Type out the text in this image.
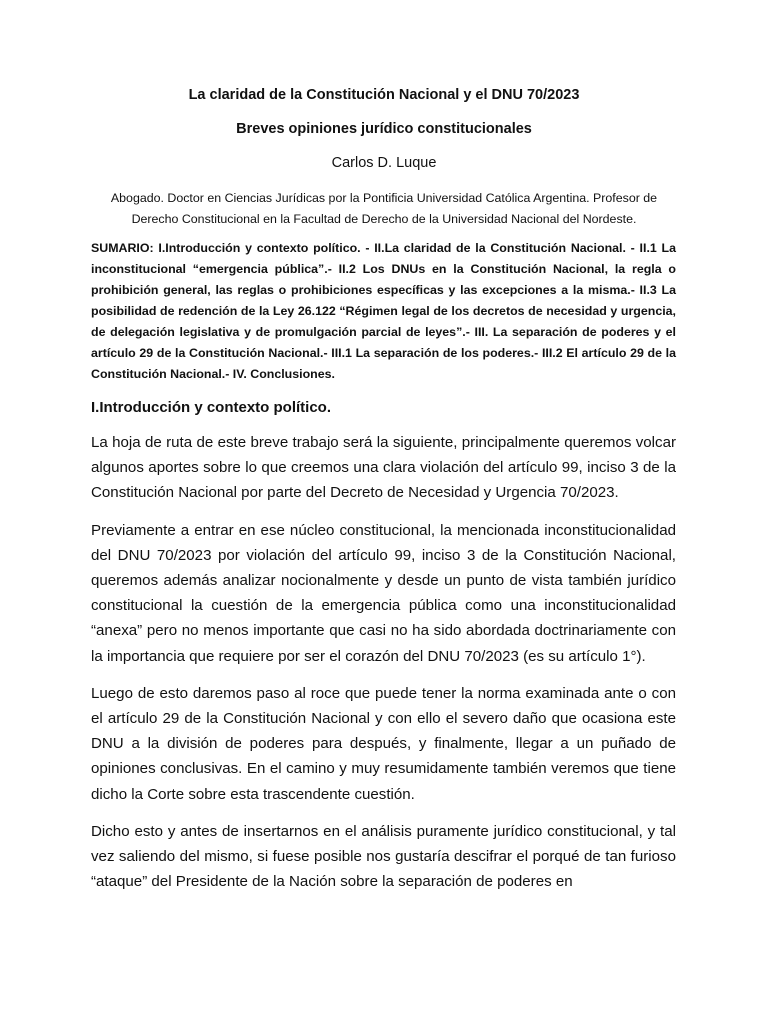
La claridad de la Constitución Nacional y el DNU 70/2023
Breves opiniones jurídico constitucionales
Carlos D. Luque
Abogado. Doctor en Ciencias Jurídicas por la Pontificia Universidad Católica Argentina. Profesor de Derecho Constitucional en la Facultad de Derecho de la Universidad Nacional del Nordeste.
SUMARIO: I.Introducción y contexto político. - II.La claridad de la Constitución Nacional. - II.1 La inconstitucional “emergencia pública”.- II.2 Los DNUs en la Constitución Nacional, la regla o prohibición general, las reglas o prohibiciones específicas y las excepciones a la misma.- II.3 La posibilidad de redención de la Ley 26.122 “Régimen legal de los decretos de necesidad y urgencia, de delegación legislativa y de promulgación parcial de leyes”.- III. La separación de poderes y el artículo 29 de la Constitución Nacional.- III.1 La separación de los poderes.- III.2 El artículo 29 de la Constitución Nacional.- IV. Conclusiones.
I.Introducción y contexto político.

La hoja de ruta de este breve trabajo será la siguiente, principalmente queremos volcar algunos aportes sobre lo que creemos una clara violación del artículo 99, inciso 3 de la Constitución Nacional por parte del Decreto de Necesidad y Urgencia 70/2023.

Previamente a entrar en ese núcleo constitucional, la mencionada inconstitucionalidad del DNU 70/2023 por violación del artículo 99, inciso 3 de la Constitución Nacional, queremos además analizar nocionalmente y desde un punto de vista también jurídico constitucional la cuestión de la emergencia pública como una inconstitucionalidad “anexa” pero no menos importante que casi no ha sido abordada doctrinariamente con la importancia que requiere por ser el corazón del DNU 70/2023 (es su artículo 1°).

Luego de esto daremos paso al roce que puede tener la norma examinada ante o con el artículo 29 de la Constitución Nacional y con ello el severo daño que ocasiona este DNU a la división de poderes para después, y finalmente, llegar a un puñado de opiniones conclusivas. En el camino y muy resumidamente también veremos que tiene dicho la Corte sobre esta trascendente cuestión.

Dicho esto y antes de insertarnos en el análisis puramente jurídico constitucional, y tal vez saliendo del mismo, si fuese posible nos gustaría descifrar el porqué de tan furioso “ataque” del Presidente de la Nación sobre la separación de poderes en
